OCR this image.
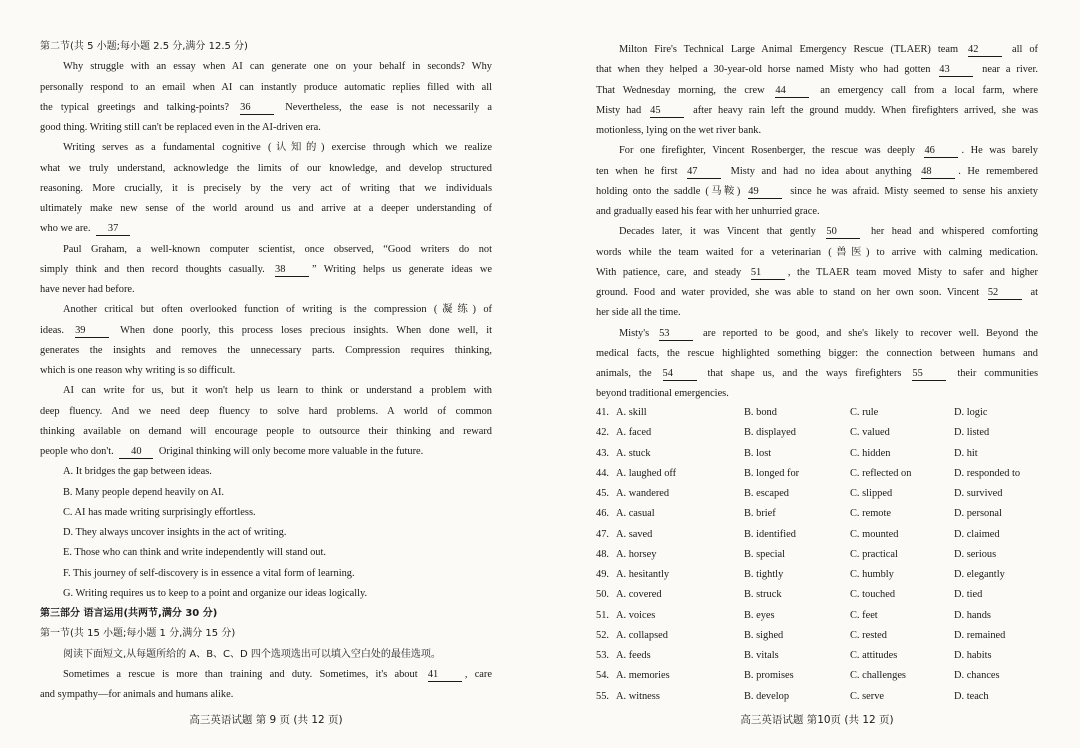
第二节(共 5 小题;每小题 2.5 分,满分 12.5 分)
Why struggle with an essay when AI can generate one on your behalf in seconds? Why
personally respond to an email when AI can instantly produce automatic replies filled with all
the typical greetings and talking-points? 36	Nevertheless, the ease is not necessarily a
good thing. Writing still can't be replaced even in the AI-driven era.
Writing serves as a fundamental cognitive (认知的) exercise through which we realize
what we truly understand, acknowledge the limits of our knowledge, and develop structured
reasoning. More crucially, it is precisely by the very act of writing that we individuals
ultimately make new sense of the world around us and arrive at a deeper understanding of
who we are. 37
Paul Graham, a well-known computer scientist, once observed, “Good writers do not
simply think and then record thoughts casually. 38	” Writing helps us generate ideas we
have never had before.
Another critical but often overlooked function of writing is the compression (凝练) of
ideas. 39	When done poorly, this process loses precious insights. When done well, it
generates the insights and removes the unnecessary parts. Compression requires thinking,
which is one reason why writing is so difficult.
AI can write for us, but it won't help us learn to think or understand a problem with
deep fluency. And we need deep fluency to solve hard problems. A world of common
thinking available on demand will encourage people to outsource their thinking and reward
people who don't. 40 Original thinking will only become more valuable in the future.
A. It bridges the gap between ideas.
B. Many people depend heavily on AI.
C. AI has made writing surprisingly effortless.
D. They always uncover insights in the act of writing.
E. Those who can think and write independently will stand out.
F. This journey of self-discovery is in essence a vital form of learning.
G. Writing requires us to keep to a point and organize our ideas logically.
第三部分 语言运用(共两节,满分 30 分)
第一节(共 15 小题;每小题 1 分,满分 15 分)
阅读下面短文,从每题所给的 A、B、C、D 四个选项选出可以填入空白处的最佳选项。
Sometimes a rescue is more than training and duty. Sometimes, it's about 41	, care
and sympathy—for animals and humans alike.
高三英语试题 第 9 页 (共 12 页)
Milton Fire's Technical Large Animal Emergency Rescue (TLAER) team 42	all of
that when they helped a 30-year-old horse named Misty who had gotten 43	near a river.
That Wednesday morning, the crew 44	an emergency call from a local farm, where
Misty had 45	after heavy rain left the ground muddy. When firefighters arrived, she was
motionless, lying on the wet river bank.
For one firefighter, Vincent Rosenberger, the rescue was deeply 46	. He was barely
ten when he first 47	Misty and had no idea about anything 48	. He remembered
holding onto the saddle (马鞍) 49	since he was afraid. Misty seemed to sense his anxiety
and gradually eased his fear with her unhurried grace.
Decades later, it was Vincent that gently 50	her head and whispered comforting
words while the team waited for a veterinarian (兽医) to arrive with calming medication.
With patience, care, and steady 51	, the TLAER team moved Misty to safer and higher
ground. Food and water provided, she was able to stand on her own soon. Vincent 52	at
her side all the time.
Misty's 53	are reported to be good, and she's likely to recover well. Beyond the
medical facts, the rescue highlighted something bigger: the connection between humans and
animals, the 54	that shape us, and the ways firefighters 55	their communities
beyond traditional emergencies.
41. A. skill	B. bond	C. rule	D. logic
42. A. faced	B. displayed	C. valued	D. listed
43. A. stuck	B. lost	C. hidden	D. hit
44. A. laughed off	B. longed for	C. reflected on	D. responded to
45. A. wandered	B. escaped	C. slipped	D. survived
46. A. casual	B. brief	C. remote	D. personal
47. A. saved	B. identified	C. mounted	D. claimed
48. A. horsey	B. special	C. practical	D. serious
49. A. hesitantly	B. tightly	C. humbly	D. elegantly
50. A. covered	B. struck	C. touched	D. tied
51. A. voices	B. eyes	C. feet	D. hands
52. A. collapsed	B. sighed	C. rested	D. remained
53. A. feeds	B. vitals	C. attitudes	D. habits
54. A. memories	B. promises	C. challenges	D. chances
55. A. witness	B. develop	C. serve	D. teach
高三英语试题 第10页 (共 12 页)
